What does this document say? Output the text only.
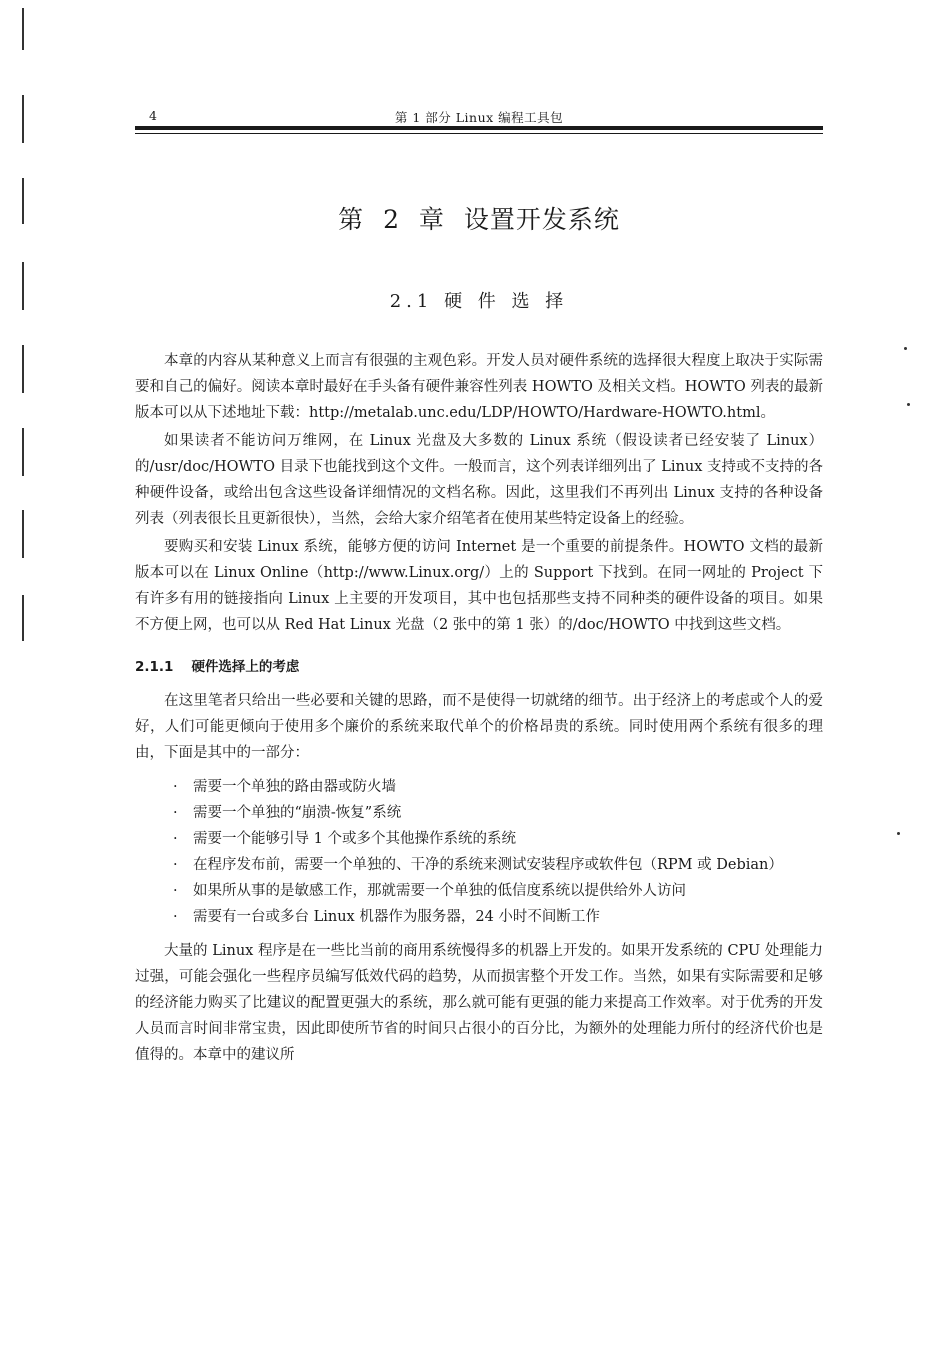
4	第 1 部分 Linux 编程工具包
第 2 章 设置开发系统
2.1 硬 件 选 择

本章的内容从某种意义上而言有很强的主观色彩。开发人员对硬件系统的选择很大程度上取决于实际需要和自己的偏好。阅读本章时最好在手头备有硬件兼容性列表 HOWTO 及相关文档。HOWTO 列表的最新版本可以从下述地址下载：http://metalab.unc.edu/LDP/HOWTO/Hardware-HOWTO.html。

如果读者不能访问万维网，在 Linux 光盘及大多数的 Linux 系统（假设读者已经安装了 Linux）的/usr/doc/HOWTO 目录下也能找到这个文件。一般而言，这个列表详细列出了 Linux 支持或不支持的各种硬件设备，或给出包含这些设备详细情况的文档名称。因此，这里我们不再列出 Linux 支持的各种设备列表（列表很长且更新很快），当然，会给大家介绍笔者在使用某些特定设备上的经验。

要购买和安装 Linux 系统，能够方便的访问 Internet 是一个重要的前提条件。HOWTO 文档的最新版本可以在 Linux Online（http://www.Linux.org/）上的 Support 下找到。在同一网址的 Project 下有许多有用的链接指向 Linux 上主要的开发项目，其中也包括那些支持不同种类的硬件设备的项目。如果不方便上网，也可以从 Red Hat Linux 光盘（2 张中的第 1 张）的/doc/HOWTO 中找到这些文档。

2.1.1 硬件选择上的考虑

在这里笔者只给出一些必要和关键的思路，而不是使得一切就绪的细节。出于经济上的考虑或个人的爱好，人们可能更倾向于使用多个廉价的系统来取代单个的价格昂贵的系统。同时使用两个系统有很多的理由，下面是其中的一部分：

· 需要一个单独的路由器或防火墙
· 需要一个单独的“崩溃-恢复”系统
· 需要一个能够引导 1 个或多个其他操作系统的系统
· 在程序发布前，需要一个单独的、干净的系统来测试安装程序或软件包（RPM 或 Debian）
· 如果所从事的是敏感工作，那就需要一个单独的低信度系统以提供给外人访问
· 需要有一台或多台 Linux 机器作为服务器，24 小时不间断工作

大量的 Linux 程序是在一些比当前的商用系统慢得多的机器上开发的。如果开发系统的 CPU 处理能力过强，可能会强化一些程序员编写低效代码的趋势，从而损害整个开发工作。当然，如果有实际需要和足够的经济能力购买了比建议的配置更强大的系统，那么就可能有更强的能力来提高工作效率。对于优秀的开发人员而言时间非常宝贵，因此即使所节省的时间只占很小的百分比，为额外的处理能力所付的经济代价也是值得的。本章中的建议所
